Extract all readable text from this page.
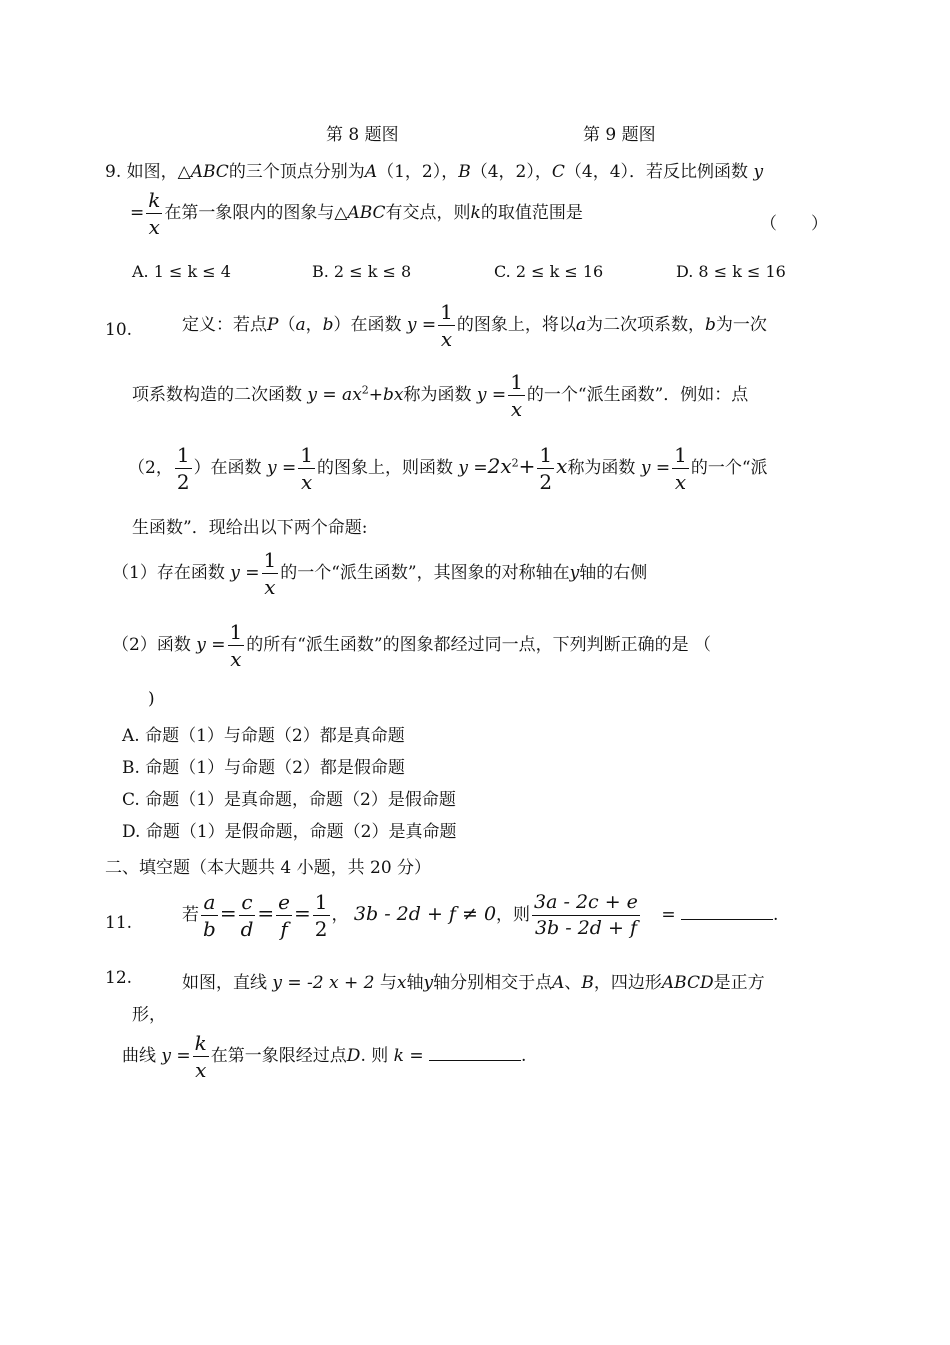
第 8 题图	第 9 题图
9. 如图，△ABC的三个顶点分别为A（1，2），B（4，2），C（4，4）．若反比例函数 y
= $\frac{k}{x}$ 在第一象限内的图象与△ABC有交点，则k的取值范围是
（　　）
A. 1 ≤ k ≤ 4	B. 2 ≤ k ≤ 8	C. 2 ≤ k ≤ 16	D. 8 ≤ k ≤ 16
10.	定义：若点P（a，b）在函数 $y = \frac{1}{x}$ 的图象上，将以a为二次项系数，b为一次
项系数构造的二次函数 $y = ax^2+bx$称为函数 $y = \frac{1}{x}$ 的一个“派生函数”．例如：点
（2， $\frac{1}{2}$ ）在函数 $y = \frac{1}{x}$ 的图象上，则函数 $y =2x^2+ \frac{1}{2}$ x称为函数 $y = \frac{1}{x}$ 的一个“派
生函数”．现给出以下两个命题:
（1）存在函数 $y = \frac{1}{x}$ 的一个“派生函数”，其图象的对称轴在y轴的右侧
（2）函数 $y = \frac{1}{x}$ 的所有“派生函数”的图象都经过同一点，下列判断正确的是 （
)
A. 命题（1）与命题（2）都是真命题
B. 命题（1）与命题（2）都是假命题
C. 命题（1）是真命题，命题（2）是假命题
D. 命题（1）是假命题，命题（2）是真命题
二、填空题（本大题共 4 小题，共 20 分）
11.	若 $\frac{a}{b} = \frac{c}{d} = \frac{e}{f} = \frac{1}{2}$ ， 3b - 2d + f ≠ 0，则 $\frac{3a - 2c + e}{3b - 2d + f}$ =	.
12.	如图，直线 y = -2 x + 2 与x轴y轴分别相交于点A、B，四边形ABCD是正方
形，
曲线 $y = \frac{k}{x}$ 在第一象限经过点D. 则 k =	.
